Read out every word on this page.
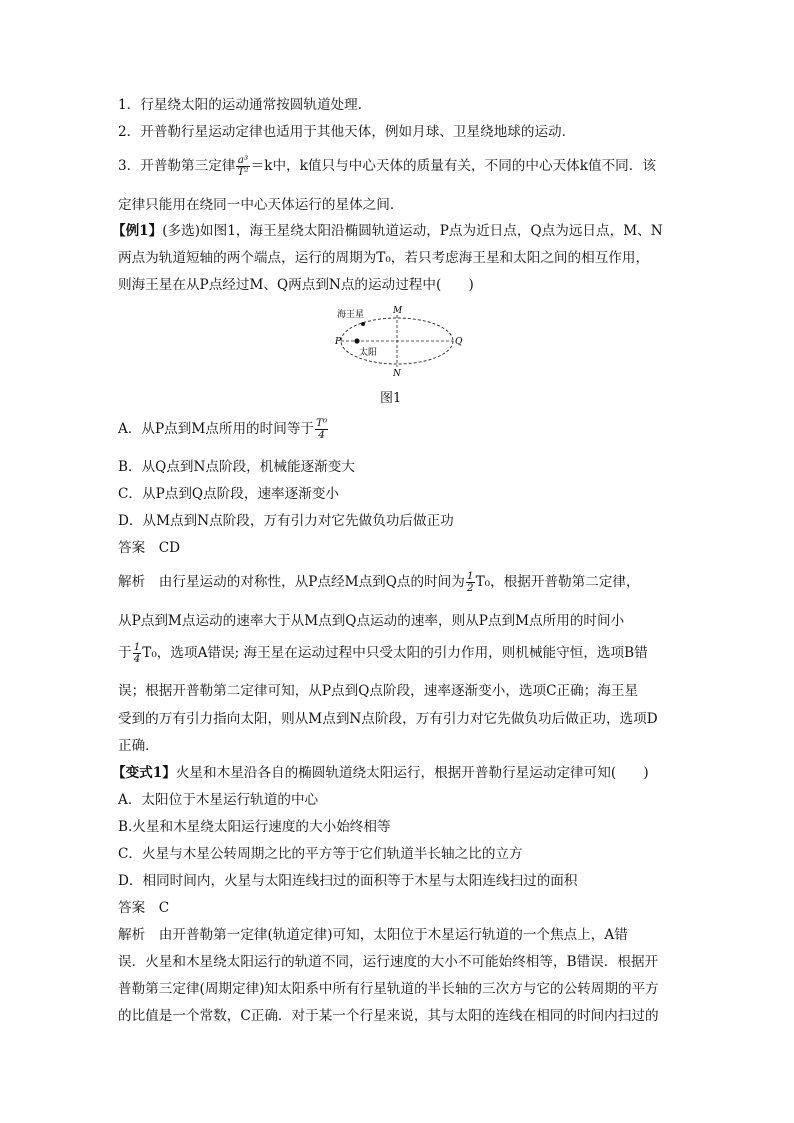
1．行星绕太阳的运动通常按圆轨道处理．
2．开普勒行星运动定律也适用于其他天体，例如月球、卫星绕地球的运动．
3．开普勒第三定律 $\frac{\text{a³}}{\text{T²}} =k$中，k值只与中心天体的质量有关，不同的中心天体k值不同．该
定律只能用在绕同一中心天体运行的星体之间．
【例1】(多选)如图1，海王星绕太阳沿椭圆轨道运动，P点为近日点，Q点为远日点，M、N
两点为轨道短轴的两个端点，运行的周期为T₀，若只考虑海王星和太阳之间的相互作用，
则海王星在从P点经过M、Q两点到N点的运动过程中(　　)
海王星
太阳
P	Q
M
N
图1
A．从P点到M点所用的时间等于 $\frac{\text{T⁰}}{4}$
B．从Q点到N点阶段，机械能逐渐变大
C．从P点到Q点阶段，速率逐渐变小
D．从M点到N点阶段，万有引力对它先做负功后做正功
答案　CD
解析　由行星运动的对称性，从P点经M点到Q点的时间为 $\frac{1}{2} T_0$，根据开普勒第二定律，
从P点到M点运动的速率大于从M点到Q点运动的速率，则从P点到M点所用的时间小
于 $\frac{1}{4} T_0$，选项A错误; 海王星在运动过程中只受太阳的引力作用，则机械能守恒，选项B错
误；根据开普勒第二定律可知，从P点到Q点阶段，速率逐渐变小，选项C正确；海王星
受到的万有引力指向太阳，则从M点到N点阶段，万有引力对它先做负功后做正功，选项D
正确．
【变式1】火星和木星沿各自的椭圆轨道绕太阳运行，根据开普勒行星运动定律可知(　　)
A．太阳位于木星运行轨道的中心
B.火星和木星绕太阳运行速度的大小始终相等
C．火星与木星公转周期之比的平方等于它们轨道半长轴之比的立方
D．相同时间内，火星与太阳连线扫过的面积等于木星与太阳连线扫过的面积
答案　C
解析　由开普勒第一定律(轨道定律)可知，太阳位于木星运行轨道的一个焦点上，A错
误．火星和木星绕太阳运行的轨道不同，运行速度的大小不可能始终相等，B错误．根据开
普勒第三定律(周期定律)知太阳系中所有行星轨道的半长轴的三次方与它的公转周期的平方
的比值是一个常数，C正确．对于某一个行星来说，其与太阳的连线在相同的时间内扫过的
